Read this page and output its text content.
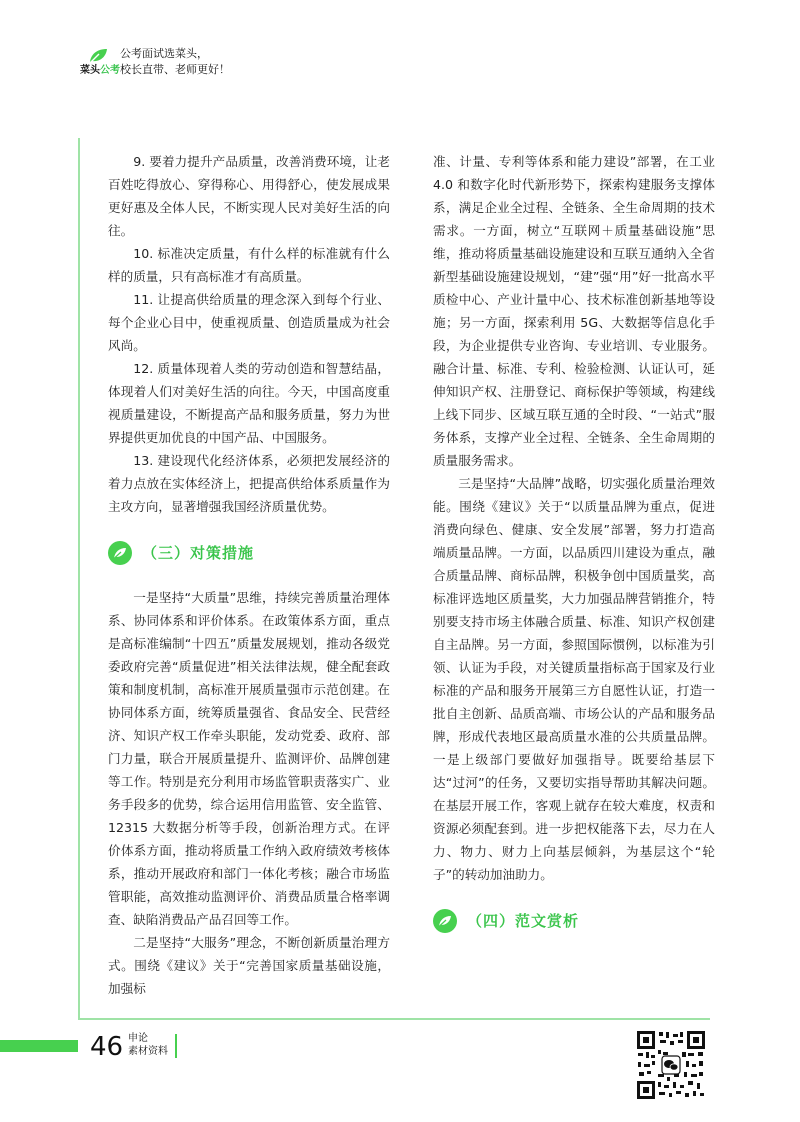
菜头公考
公考面试选菜头，
校长直带、老师更好！

9. 要着力提升产品质量，改善消费环境，让老百姓吃得放心、穿得称心、用得舒心，使发展成果更好惠及全体人民，不断实现人民对美好生活的向往。

10. 标准决定质量，有什么样的标准就有什么样的质量，只有高标准才有高质量。

11. 让提高供给质量的理念深入到每个行业、每个企业心目中，使重视质量、创造质量成为社会风尚。

12. 质量体现着人类的劳动创造和智慧结晶，体现着人们对美好生活的向往。今天，中国高度重视质量建设，不断提高产品和服务质量，努力为世界提供更加优良的中国产品、中国服务。

13. 建设现代化经济体系，必须把发展经济的着力点放在实体经济上，把提高供给体系质量作为主攻方向，显著增强我国经济质量优势。

（三）对策措施

一是坚持“大质量”思维，持续完善质量治理体系、协同体系和评价体系。在政策体系方面，重点是高标准编制“十四五”质量发展规划，推动各级党委政府完善“质量促进”相关法律法规，健全配套政策和制度机制，高标准开展质量强市示范创建。在协同体系方面，统筹质量强省、食品安全、民营经济、知识产权工作牵头职能，发动党委、政府、部门力量，联合开展质量提升、监测评价、品牌创建等工作。特别是充分利用市场监管职责落实广、业务手段多的优势，综合运用信用监管、安全监管、12315 大数据分析等手段，创新治理方式。在评价体系方面，推动将质量工作纳入政府绩效考核体系，推动开展政府和部门一体化考核；融合市场监管职能，高效推动监测评价、消费品质量合格率调查、缺陷消费品产品召回等工作。

二是坚持“大服务”理念，不断创新质量治理方式。围绕《建议》关于“完善国家质量基础设施，加强标

准、计量、专利等体系和能力建设”部署，在工业 4.0 和数字化时代新形势下，探索构建服务支撑体系，满足企业全过程、全链条、全生命周期的技术需求。一方面，树立“互联网＋质量基础设施”思维，推动将质量基础设施建设和互联互通纳入全省新型基础设施建设规划，“建”强“用”好一批高水平质检中心、产业计量中心、技术标准创新基地等设施；另一方面，探索利用 5G、大数据等信息化手段，为企业提供专业咨询、专业培训、专业服务。融合计量、标准、专利、检验检测、认证认可，延伸知识产权、注册登记、商标保护等领域，构建线上线下同步、区域互联互通的全时段、“一站式”服务体系，支撑产业全过程、全链条、全生命周期的质量服务需求。

三是坚持“大品牌”战略，切实强化质量治理效能。围绕《建议》关于“以质量品牌为重点，促进消费向绿色、健康、安全发展”部署，努力打造高端质量品牌。一方面，以品质四川建设为重点，融合质量品牌、商标品牌，积极争创中国质量奖，高标准评选地区质量奖，大力加强品牌营销推介，特别要支持市场主体融合质量、标准、知识产权创建自主品牌。另一方面，参照国际惯例，以标准为引领、认证为手段，对关键质量指标高于国家及行业标准的产品和服务开展第三方自愿性认证，打造一批自主创新、品质高端、市场公认的产品和服务品牌，形成代表地区最高质量水准的公共质量品牌。一是上级部门要做好加强指导。既要给基层下达“过河”的任务，又要切实指导帮助其解决问题。在基层开展工作，客观上就存在较大难度，权责和资源必须配套到。进一步把权能落下去，尽力在人力、物力、财力上向基层倾斜，为基层这个“轮子”的转动加油助力。

（四）范文赏析
46 申论
素材资料
